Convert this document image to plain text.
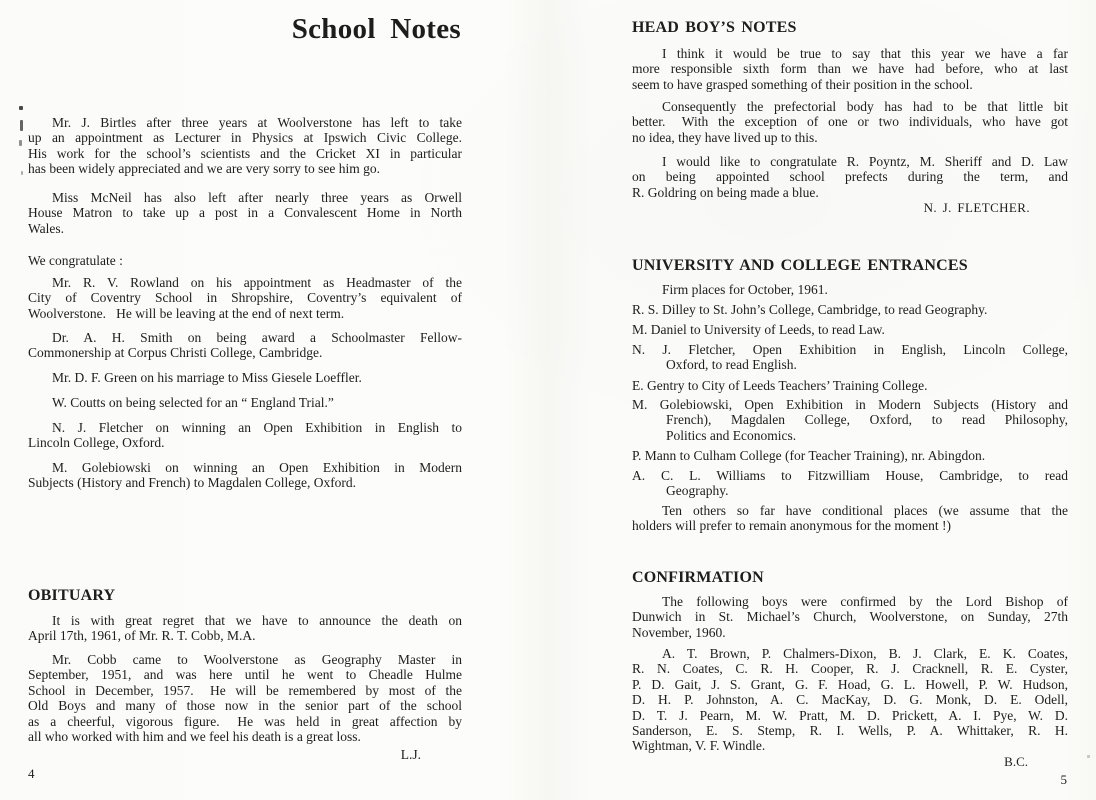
School Notes
Mr. J. Birtles after three years at Woolverstone has left to take
up an appointment as Lecturer in Physics at Ipswich Civic College.
His work for the school’s scientists and the Cricket XI in particular
has been widely appreciated and we are very sorry to see him go.
Miss McNeil has also left after nearly three years as Orwell
House Matron to take up a post in a Convalescent Home in North
Wales.
We congratulate :
Mr. R. V. Rowland on his appointment as Headmaster of the
City of Coventry School in Shropshire, Coventry’s equivalent of
Woolverstone.  He will be leaving at the end of next term.
Dr. A. H. Smith on being award a Schoolmaster Fellow-
Commonership at Corpus Christi College, Cambridge.
Mr. D. F. Green on his marriage to Miss Giesele Loeffler.
W. Coutts on being selected for an “ England Trial.”
N. J. Fletcher on winning an Open Exhibition in English to
Lincoln College, Oxford.
M. Golebiowski on winning an Open Exhibition in Modern
Subjects (History and French) to Magdalen College, Oxford.
OBITUARY
It is with great regret that we have to announce the death on
April 17th, 1961, of Mr. R. T. Cobb, M.A.
Mr. Cobb came to Woolverstone as Geography Master in
September, 1951, and was here until he went to Cheadle Hulme
School in December, 1957.  He will be remembered by most of the
Old Boys and many of those now in the senior part of the school
as a cheerful, vigorous figure.  He was held in great affection by
all who worked with him and we feel his death is a great loss.
L.J.
4
HEAD BOY’S NOTES
I think it would be true to say that this year we have a far
more responsible sixth form than we have had before, who at last
seem to have grasped something of their position in the school.
Consequently the prefectorial body has had to be that little bit
better.  With the exception of one or two individuals, who have got
no idea, they have lived up to this.
I would like to congratulate R. Poyntz, M. Sheriff and D. Law
on being appointed school prefects during the term, and
R. Goldring on being made a blue.
N. J. FLETCHER.
UNIVERSITY AND COLLEGE ENTRANCES
Firm places for October, 1961.
R. S. Dilley to St. John’s College, Cambridge, to read Geography.
M. Daniel to University of Leeds, to read Law.
N. J. Fletcher, Open Exhibition in English, Lincoln College,
Oxford, to read English.
E. Gentry to City of Leeds Teachers’ Training College.
M. Golebiowski, Open Exhibition in Modern Subjects (History and
French), Magdalen College, Oxford, to read Philosophy,
Politics and Economics.
P. Mann to Culham College (for Teacher Training), nr. Abingdon.
A. C. L. Williams to Fitzwilliam House, Cambridge, to read
Geography.
Ten others so far have conditional places (we assume that the
holders will prefer to remain anonymous for the moment !)
CONFIRMATION
The following boys were confirmed by the Lord Bishop of
Dunwich in St. Michael’s Church, Woolverstone, on Sunday, 27th
November, 1960.
A. T. Brown, P. Chalmers-Dixon, B. J. Clark, E. K. Coates,
R. N. Coates, C. R. H. Cooper, R. J. Cracknell, R. E. Cyster,
P. D. Gait, J. S. Grant, G. F. Hoad, G. L. Howell, P. W. Hudson,
D. H. P. Johnston, A. C. MacKay, D. G. Monk, D. E. Odell,
D. T. J. Pearn, M. W. Pratt, M. D. Prickett, A. I. Pye, W. D.
Sanderson, E. S. Stemp, R. I. Wells, P. A. Whittaker, R. H.
Wightman, V. F. Windle.
B.C.
5
